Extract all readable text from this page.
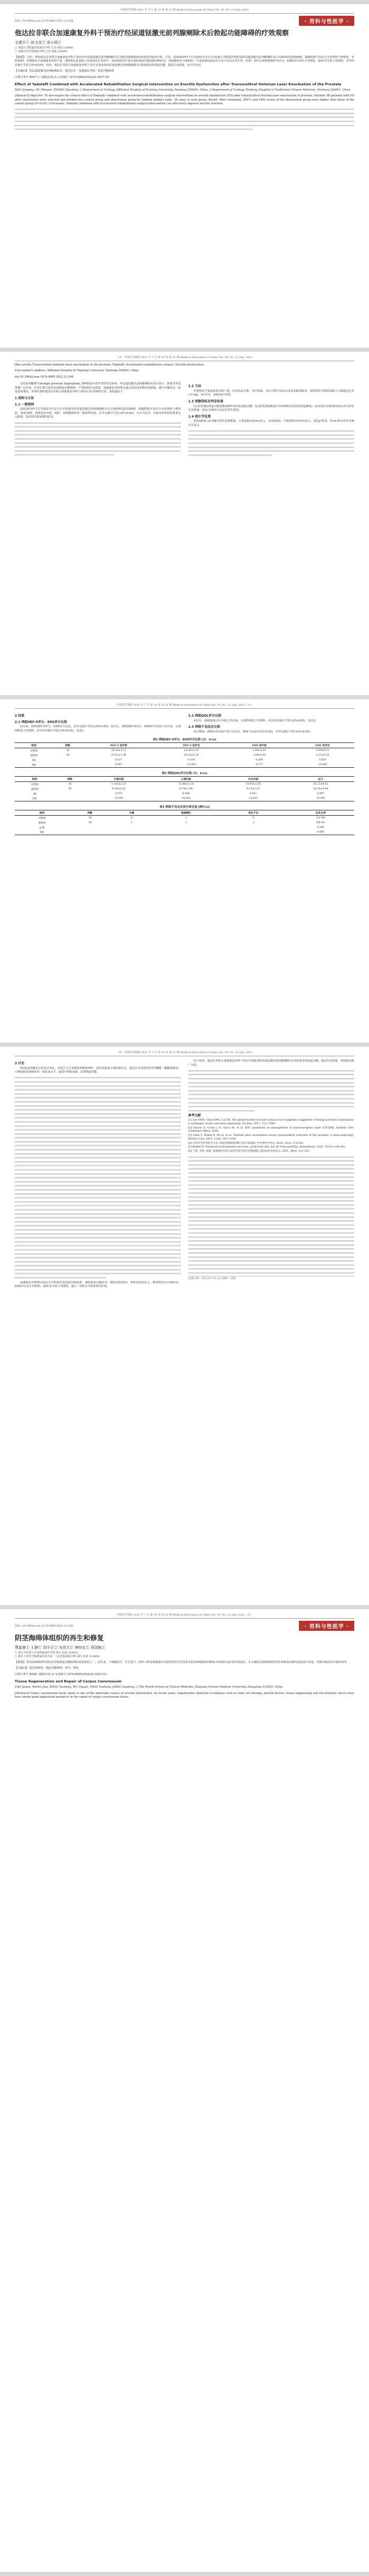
中国医学创新 2022 年 7 月 第 19 卷 第 21 期 Medical Innovation of China Vol. 19, No. 21 July, 2022
DOI: 10.3969/j.issn.1674-4985.2022.21.004	· 男科与性医学 ·
他达拉非联合加速康复外科干预治疗经尿道铥激光前列腺剜除术后勃起功能障碍的疗效观察
毛建平① 徐文彦② 章小明①
① 南通大学附属医院泌尿外科 江苏 南通 226000
② 南通市中医院泌尿外科 江苏 南通 226001
【摘要】 目的：观察他达拉非联合加速康复外科干预治疗经尿道铥激光前列腺剜除术后勃起功能障碍(ED)患者的临床疗效。方法：选取2019年1月至2021年12月在南通大学附属医院接受经尿道铥激光前列腺剜除术后出现ED的患者68例，按随机数字表法分为对照组与观察组，每组34例。对照组给予加速康复外科干预，观察组在此基础上加用他达拉非治疗，比较两组治疗前后国际勃起功能指数(IIEF-5)、勃起硬度评分(EHS)、生活质量(QOL)评分及不良反应发生率。结果：治疗后观察组IIEF-5评分、EHS评分均高于对照组，QOL评分低于对照组，差异均有统计学意义(P<0.05)。结论：他达拉非联合加速康复外科干预可有效改善经尿道铥激光前列腺剜除术后ED患者的勃起功能，提高生活质量，安全性良好。
【关键词】 经尿道铥激光前列腺剜除术；他达拉非；加速康复外科；勃起功能障碍
中图分类号 R697.3 文献标识码 A 文章编号 1674-4985(2022)21-0017-04
Effect of Tadalafil Combined with Accelerated Rehabilitation Surgical Intervention on Erectile Dysfunction after Transurethral Holmium Laser Enucleation of the Prostate
MAO Jianping, XU Wenyan, ZHANG Xiaoming. 1.Department of Urology, Affiliated Hospital of Nantong University, Nantong 226000, China; 2.Department of Urology, Nantong Hospital of Traditional Chinese Medicine, Nantong 226001, China
[Abstract] Objective: To investigate the clinical effect of Tadalafil combined with accelerated rehabilitation surgical intervention on erectile dysfunction (ED) after transurethral thulium laser enucleation of prostate. Method: 68 patients with ED after enucleation were selected and divided into control group and observation group by random number table, 34 cases in each group. Result: After treatment, IIEF-5 and EHS scores of the observation group were higher than those of the control group (P<0.05). Conclusion: Tadalafil combined with accelerated rehabilitation surgical intervention can effectively improve erectile function.
· 18 · 中国医学创新 2022 年 7 月 第 19 卷 第 21 期 Medical Innovation of China Vol. 19, No. 21 July, 2022
[Key words] Transurethral holmium laser enucleation of the prostate; Tadalafil; Accelerated rehabilitation surgery; Erectile dysfunction
First-author's address: Affiliated Hospital of Nantong University, Nantong 226000, China
doi:10.3969/j.issn.1674-4985.2022.21.004

良性前列腺增生(benign prostatic hyperplasia, BPH)是中老年男性常见疾病，经尿道铥激光前列腺剜除术因出血少、恢复快等优势被广泛应用，但术后部分患者出现勃起功能障碍，严重影响生活质量。加速康复外科理念通过优化围术期处理措施，减少应激反应，促进患者康复。本研究观察他达拉非联合加速康复外科干预治疗术后ED的疗效，现报道如下。

1 资料与方法
1.1 一般资料

选取2019年1月至2021年12月在本院接受经尿道铥激光前列腺剜除术后出现ED的患者68例，按随机数字表法分为对照组与观察组，每组34例。两组患者年龄、病程、前列腺体积等一般资料比较，差异无统计学意义(P>0.05)，具有可比性。本研究经医院伦理委员会批准，患者均签署知情同意书。

1.2 方法

对照组给予加速康复外科干预，包括术前宣教、术中保温、术后早期下床活动及盆底肌训练等。观察组在对照组基础上口服他达拉非片5 mg，每日1次，连续治疗12周。

1.3 观察指标及判定标准

(1)采用国际勃起功能指数(IIEF-5)评估勃起功能；(2)采用勃起硬度评分(EHS)评估阴茎勃起硬度；(3)采用生活质量(QOL)评分评估生活质量；(4)记录两组不良反应发生情况。

1.4 统计学处理

采用SPSS 22.0统计软件处理数据，计量资料以(x̄±s)表示，采用t检验；计数资料以率(%)表示，采用χ²检验，P<0.05为差异有统计学意义。

中国医学创新 2022 年 7 月 第 19 卷 第 21 期 Medical Innovation of China Vol. 19, No. 21 July, 2022 · 19 ·
2 结果
2.1 两组IIEF-5评分、EHS评分比较

治疗前，两组IIEF-5评分、EHS评分比较，差异无统计学意义(P>0.05)；治疗后，两组IIEF-5评分、EHS评分均高于治疗前，且观察组高于对照组，差异均有统计学意义(P<0.05)，见表1。

2.2 两组QOL评分比较

治疗后，两组QOL评分均低于治疗前，且观察组低于对照组，差异均有统计学意义(P<0.05)，见表2。

2.3 两组不良反应比较

治疗期间，两组均未出现严重不良反应，两组不良反应发生率比较，差异无统计学意义(P>0.05)。

表1 两组IIEF-5评分、EHS评分比较 (分，x̄±s)
组别	例数	IIEF-5 治疗前	IIEF-5 治疗后	EHS 治疗前	EHS 治疗后
对照组	34	10.25±2.13	14.36±2.52	1.86±0.42	2.48±0.51
观察组	34	10.31±2.08	18.42±2.76	1.89±0.45	3.21±0.56
t值		0.117	6.334	0.284	5.620
P值		0.907	<0.001	0.777	<0.001
表2 两组QOL评分比较 (分，x̄±s)
组别	例数	生理功能	心理功能	社会功能	总分
对照组	34	12.45±2.31	11.86±2.14	10.92±2.05	35.23±4.62
观察组	34	9.36±2.02	8.74±1.96	8.15±1.87	26.25±4.08
t值		5.873	6.268	5.821	8.497
P值		<0.001	<0.001	<0.001	<0.001
表3 两组不良反应发生率比较 [例(%)]
组别	例数	头痛	面部潮红	消化不良	总发生率
对照组	34	0	1	0	1(2.94)
观察组	34	1	1	1	3(8.82)
χ²值					0.266
P值					0.606
· 20 · 中国医学创新 2022 年 7 月 第 19 卷 第 21 期 Medical Innovation of China Vol. 19, No. 21 July, 2022
3 讨论

ED是前列腺术后常见并发症，其发生与手术损伤海绵体神经、血管及患者心理因素有关。他达拉非为选择性5型磷酸二酯酶抑制剂，可增加阴茎海绵体内一氧化氮水平，促进平滑肌松弛，改善勃起功能。

加速康复外科理念通过多学科协作优化围术期处理，减轻患者应激反应，缩短住院时间。本研究结果显示，观察组治疗后IIEF-5、EHS评分高于对照组，QOL评分低于对照组，提示二者联合可发挥协同作用。

综上所述，他达拉非联合加速康复外科干预可有效改善经尿道铥激光前列腺剜除术后ED患者的勃起功能，提高生活质量，值得临床推广应用。

参考文献
[1] Lee SWH, Chan EMC, Lai YK. The global burden of lower urinary tract symptoms suggestive of benign prostatic hyperplasia: a systematic review and meta-analysis[J]. Sci Rep, 2017, 7(1): 7984.
[2] Gravas S, Cornu J N, Gacci M, et al. EAU guidelines on management of non-neurogenic male LUTS[M]. Arnhem: EAU Guidelines Office, 2020.
[3] Chen Y, Zhang X, Hu K, et al. Thulium laser enucleation versus transurethral resection of the prostate: a meta-analysis[J]. World J Urol, 2019, 37(6): 1027-1036.
[4] 中华医学会男科学分会. 勃起功能障碍诊断与治疗指南[J]. 中华男科学杂志, 2016, 22(3): 276-282.
[5] Kehlet H. Enhanced postoperative recovery: good from afar, but far from good?[J]. Anaesthesia, 2020, 75(S1): e54-e61.
[6] 王凯, 李明, 张强. 加速康复外科在泌尿外科中的应用进展[J]. 临床泌尿外科杂志, 2021, 36(4): 321-325.
(收稿日期：2022-03-15) (本文编辑：田婧)
中国医学创新 2022 年 7 月 第 19 卷 第 21 期 Medical Innovation of China Vol. 19, No. 21 July, 2022 · 21 ·
DOI: 10.3969/j.issn.1674-4985.2022.21.005	· 男科与性医学 ·
阴茎海绵体组织的再生和修复
曹嘉豪① 王静① 周宇正② 吴奕元① 唐幼宏① 蒋国栋①
① 浙江中医药大学第四临床医学院 浙江 杭州 310053
② 浙江大学医学院附属杭州市第一人民医院泌尿外科 浙江 杭州 310006
【摘要】 阴茎海绵体组织损伤是导致勃起功能障碍的重要原因之一。近年来，干细胞治疗、生长因子、组织工程及低能量冲击波等再生医学技术在阴茎海绵体组织修复中展现出良好的应用前景。本文就阴茎海绵体组织再生和修复的研究进展进行综述，以期为临床治疗提供参考。
【关键词】 阴茎海绵体；勃起功能障碍；再生；修复
中图分类号 R698 文献标识码 A 文章编号 1674-4985(2022)21-0021-05
Tissue Regeneration and Repair of Corpus Cavernosum
CAO Jiahao, WANG Jing, ZHOU Yuzheng, WU Yiyuan, TANG Youhong, JIANG Guodong. 1.The Fourth School of Clinical Medicine, Zhejiang Chinese Medical University, Hangzhou 310053, China
[Abstract] Corpus cavernosum tissue injury is one of the important causes of erectile dysfunction. In recent years, regenerative medicine techniques such as stem cell therapy, growth factors, tissue engineering and low-intensity shock wave have shown good application prospects in the repair of corpus cavernosum tissue.
